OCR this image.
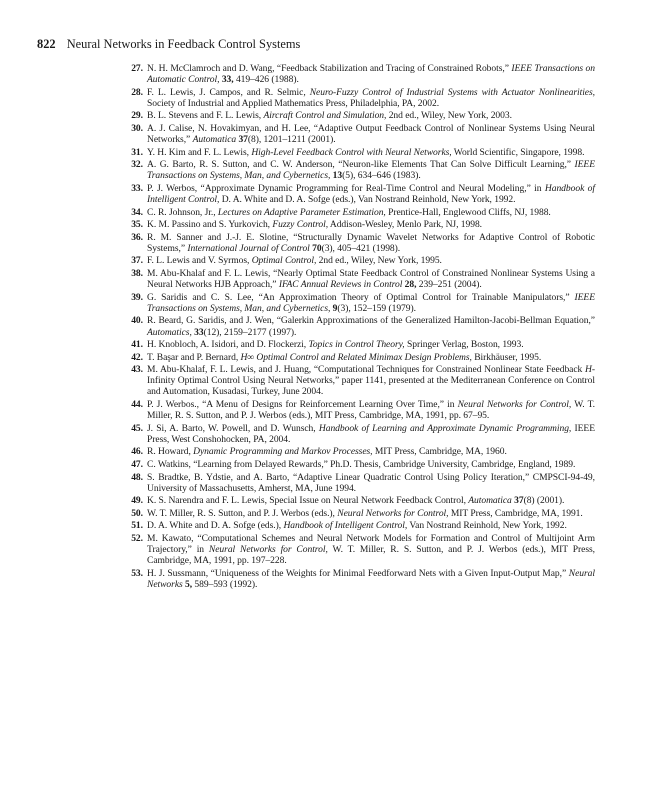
822 Neural Networks in Feedback Control Systems
27. N. H. McClamroch and D. Wang, “Feedback Stabilization and Tracing of Constrained Robots,” IEEE Transactions on Automatic Control, 33, 419–426 (1988).
28. F. L. Lewis, J. Campos, and R. Selmic, Neuro-Fuzzy Control of Industrial Systems with Actuator Nonlinearities, Society of Industrial and Applied Mathematics Press, Philadelphia, PA, 2002.
29. B. L. Stevens and F. L. Lewis, Aircraft Control and Simulation, 2nd ed., Wiley, New York, 2003.
30. A. J. Calise, N. Hovakimyan, and H. Lee, “Adaptive Output Feedback Control of Nonlinear Systems Using Neural Networks,” Automatica 37(8), 1201–1211 (2001).
31. Y. H. Kim and F. L. Lewis, High-Level Feedback Control with Neural Networks, World Scientific, Singapore, 1998.
32. A. G. Barto, R. S. Sutton, and C. W. Anderson, “Neuron-like Elements That Can Solve Difficult Learning,” IEEE Transactions on Systems, Man, and Cybernetics, 13(5), 634–646 (1983).
33. P. J. Werbos, “Approximate Dynamic Programming for Real-Time Control and Neural Modeling,” in Handbook of Intelligent Control, D. A. White and D. A. Sofge (eds.), Van Nostrand Reinhold, New York, 1992.
34. C. R. Johnson, Jr., Lectures on Adaptive Parameter Estimation, Prentice-Hall, Englewood Cliffs, NJ, 1988.
35. K. M. Passino and S. Yurkovich, Fuzzy Control, Addison-Wesley, Menlo Park, NJ, 1998.
36. R. M. Sanner and J.-J. E. Slotine, “Structurally Dynamic Wavelet Networks for Adaptive Control of Robotic Systems,” International Journal of Control 70(3), 405–421 (1998).
37. F. L. Lewis and V. Syrmos, Optimal Control, 2nd ed., Wiley, New York, 1995.
38. M. Abu-Khalaf and F. L. Lewis, “Nearly Optimal State Feedback Control of Constrained Nonlinear Systems Using a Neural Networks HJB Approach,” IFAC Annual Reviews in Control 28, 239–251 (2004).
39. G. Saridis and C. S. Lee, “An Approximation Theory of Optimal Control for Trainable Manipulators,” IEEE Transactions on Systems, Man, and Cybernetics, 9(3), 152–159 (1979).
40. R. Beard, G. Saridis, and J. Wen, “Galerkin Approximations of the Generalized Hamilton-Jacobi-Bellman Equation,” Automatics, 33(12), 2159–2177 (1997).
41. H. Knobloch, A. Isidori, and D. Flockerzi, Topics in Control Theory, Springer Verlag, Boston, 1993.
42. T. Başar and P. Bernard, H∞ Optimal Control and Related Minimax Design Problems, Birkhäuser, 1995.
43. M. Abu-Khalaf, F. L. Lewis, and J. Huang, “Computational Techniques for Constrained Nonlinear State Feedback H-Infinity Optimal Control Using Neural Networks,” paper 1141, presented at the Mediterranean Conference on Control and Automation, Kusadasi, Turkey, June 2004.
44. P. J. Werbos., “A Menu of Designs for Reinforcement Learning Over Time,” in Neural Networks for Control, W. T. Miller, R. S. Sutton, and P. J. Werbos (eds.), MIT Press, Cambridge, MA, 1991, pp. 67–95.
45. J. Si, A. Barto, W. Powell, and D. Wunsch, Handbook of Learning and Approximate Dynamic Programming, IEEE Press, West Conshohocken, PA, 2004.
46. R. Howard, Dynamic Programming and Markov Processes, MIT Press, Cambridge, MA, 1960.
47. C. Watkins, “Learning from Delayed Rewards,” Ph.D. Thesis, Cambridge University, Cambridge, England, 1989.
48. S. Bradtke, B. Ydstie, and A. Barto, “Adaptive Linear Quadratic Control Using Policy Iteration,” CMPSCI-94-49, University of Massachusetts, Amherst, MA, June 1994.
49. K. S. Narendra and F. L. Lewis, Special Issue on Neural Network Feedback Control, Automatica 37(8) (2001).
50. W. T. Miller, R. S. Sutton, and P. J. Werbos (eds.), Neural Networks for Control, MIT Press, Cambridge, MA, 1991.
51. D. A. White and D. A. Sofge (eds.), Handbook of Intelligent Control, Van Nostrand Reinhold, New York, 1992.
52. M. Kawato, “Computational Schemes and Neural Network Models for Formation and Control of Multijoint Arm Trajectory,” in Neural Networks for Control, W. T. Miller, R. S. Sutton, and P. J. Werbos (eds.), MIT Press, Cambridge, MA, 1991, pp. 197–228.
53. H. J. Sussmann, “Uniqueness of the Weights for Minimal Feedforward Nets with a Given Input-Output Map,” Neural Networks 5, 589–593 (1992).
